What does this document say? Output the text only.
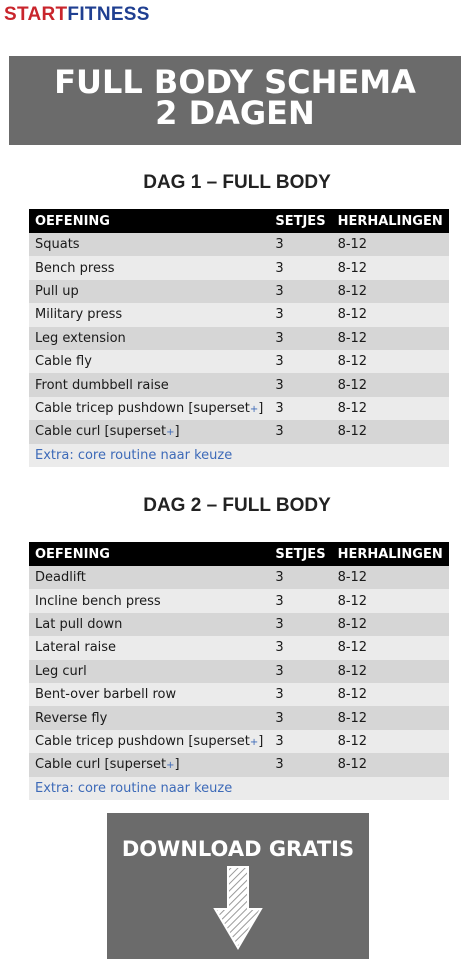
STARTFITNESS
FULL BODY SCHEMA
2 DAGEN
DAG 1 – FULL BODY
OEFENING	SETJES	HERHALINGEN
Squats	3	8-12
Bench press	3	8-12
Pull up	3	8-12
Military press	3	8-12
Leg extension	3	8-12
Cable fly	3	8-12
Front dumbbell raise	3	8-12
Cable tricep pushdown [superset+]	3	8-12
Cable curl [superset+]	3	8-12
Extra: core routine naar keuze		
DAG 2 – FULL BODY
OEFENING	SETJES	HERHALINGEN
Deadlift	3	8-12
Incline bench press	3	8-12
Lat pull down	3	8-12
Lateral raise	3	8-12
Leg curl	3	8-12
Bent-over barbell row	3	8-12
Reverse fly	3	8-12
Cable tricep pushdown [superset+]	3	8-12
Cable curl [superset+]	3	8-12
Extra: core routine naar keuze		
DOWNLOAD GRATIS
